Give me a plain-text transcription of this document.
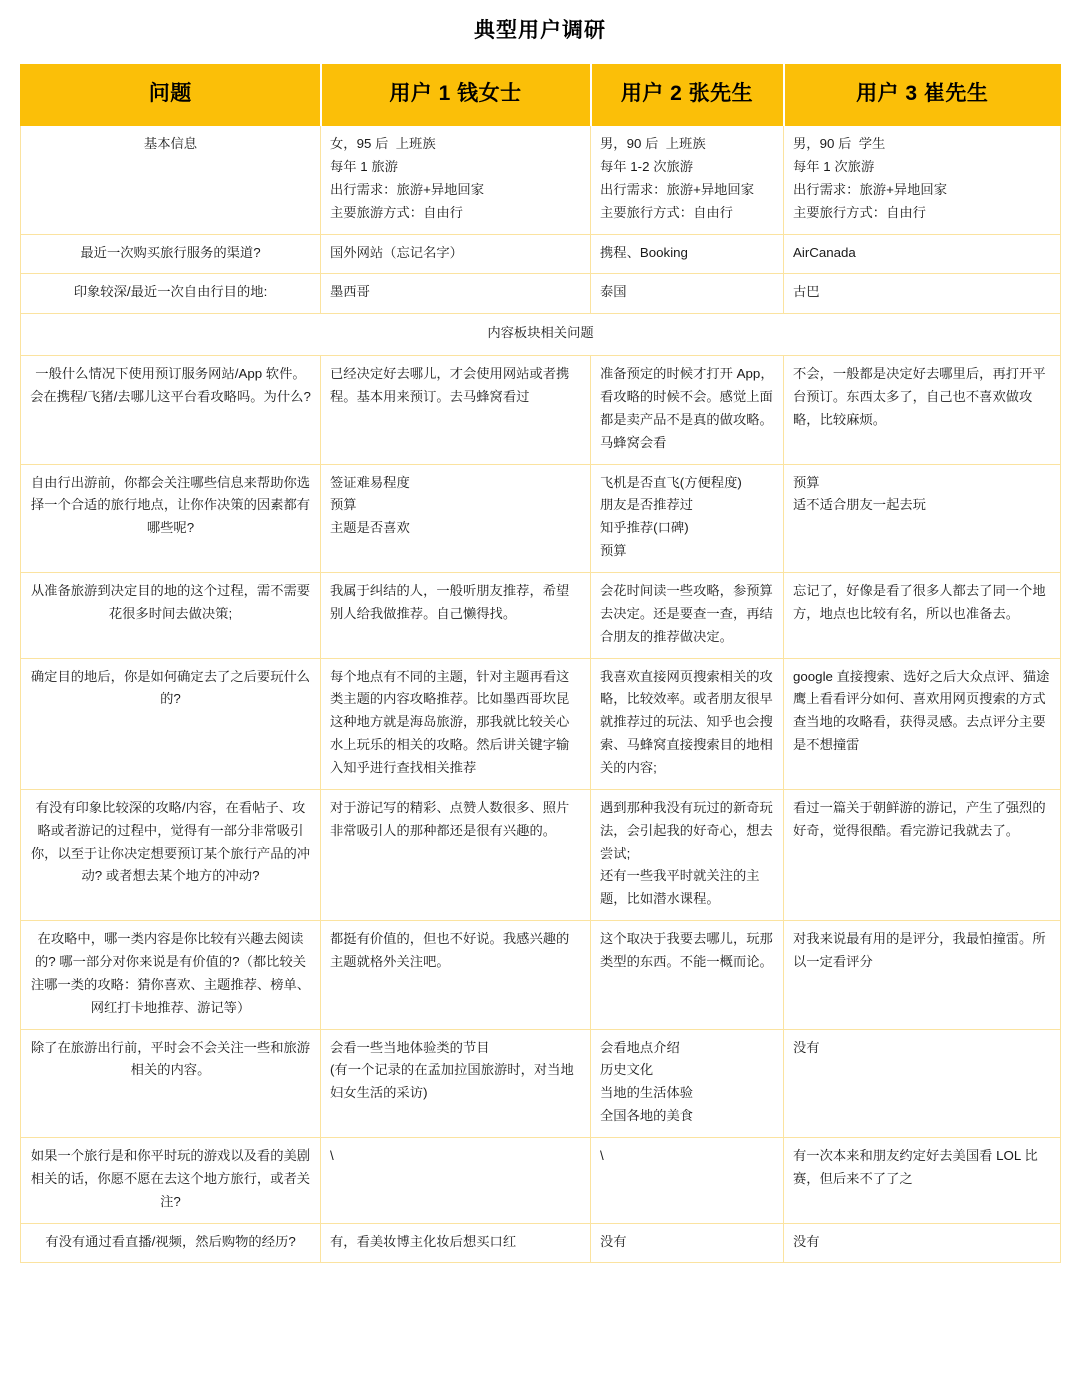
典型用户调研
问题	用户 1 钱女士	用户 2 张先生	用户 3 崔先生

基本信息	女，95 后  上班族
每年 1 旅游
出行需求：旅游+异地回家
主要旅游方式：自由行	男，90 后  上班族
每年 1-2 次旅游
出行需求：旅游+异地回家
主要旅行方式：自由行	男，90 后  学生
每年 1 次旅游
出行需求：旅游+异地回家
主要旅行方式：自由行

最近一次购买旅行服务的渠道?	国外网站（忘记名字）	携程、Booking	AirCanada

印象较深/最近一次自由行目的地:	墨西哥	泰国	古巴

内容板块相关问题			

一般什么情况下使用预订服务网站/App 软件。会在携程/飞猪/去哪儿这平台看攻略吗。为什么?	已经决定好去哪儿，才会使用网站或者携程。基本用来预订。去马蜂窝看过	准备预定的时候才打开 App，看攻略的时候不会。感觉上面都是卖产品不是真的做攻略。马蜂窝会看	不会，一般都是决定好去哪里后，再打开平台预订。东西太多了，自己也不喜欢做攻略，比较麻烦。

自由行出游前，你都会关注哪些信息来帮助你选择一个合适的旅行地点，让你作决策的因素都有哪些呢?	签证难易程度
预算
主题是否喜欢	飞机是否直飞(方便程度)
朋友是否推荐过
知乎推荐(口碑)
预算	预算
适不适合朋友一起去玩

从准备旅游到决定目的地的这个过程，需不需要花很多时间去做决策;	我属于纠结的人，一般听朋友推荐，希望别人给我做推荐。自己懒得找。	会花时间读一些攻略，参预算去决定。还是要查一查，再结合朋友的推荐做决定。	忘记了，好像是看了很多人都去了同一个地方，地点也比较有名，所以也准备去。

确定目的地后，你是如何确定去了之后要玩什么的?	每个地点有不同的主题，针对主题再看这类主题的内容攻略推荐。比如墨西哥坎昆这种地方就是海岛旅游，那我就比较关心水上玩乐的相关的攻略。然后讲关键字输入知乎进行查找相关推荐	我喜欢直接网页搜索相关的攻略，比较效率。或者朋友很早就推荐过的玩法、知乎也会搜索、马蜂窝直接搜索目的地相关的内容;	google 直接搜索、选好之后大众点评、猫途鹰上看看评分如何、喜欢用网页搜索的方式查当地的攻略看，获得灵感。去点评分主要是不想撞雷

有没有印象比较深的攻略/内容，在看帖子、攻略或者游记的过程中，觉得有一部分非常吸引你，以至于让你决定想要预订某个旅行产品的冲动? 或者想去某个地方的冲动?	对于游记写的精彩、点赞人数很多、照片非常吸引人的那种都还是很有兴趣的。	遇到那种我没有玩过的新奇玩法，会引起我的好奇心，想去尝试;
还有一些我平时就关注的主题，比如潜水课程。	看过一篇关于朝鲜游的游记，产生了强烈的好奇，觉得很酷。看完游记我就去了。

在攻略中，哪一类内容是你比较有兴趣去阅读的? 哪一部分对你来说是有价值的?（都比较关注哪一类的攻略：猜你喜欢、主题推荐、榜单、网红打卡地推荐、游记等）	都挺有价值的，但也不好说。我感兴趣的主题就格外关注吧。	这个取决于我要去哪儿，玩那类型的东西。不能一概而论。	对我来说最有用的是评分，我最怕撞雷。所以一定看评分

除了在旅游出行前，平时会不会关注一些和旅游相关的内容。	会看一些当地体验类的节目
(有一个记录的在孟加拉国旅游时，对当地妇女生活的采访)	会看地点介绍
历史文化
当地的生活体验
全国各地的美食	没有

如果一个旅行是和你平时玩的游戏以及看的美剧相关的话，你愿不愿在去这个地方旅行，或者关注?	\	\	有一次本来和朋友约定好去美国看 LOL 比赛，但后来不了了之

有没有通过看直播/视频，然后购物的经历?	有，看美妆博主化妆后想买口红	没有	没有
